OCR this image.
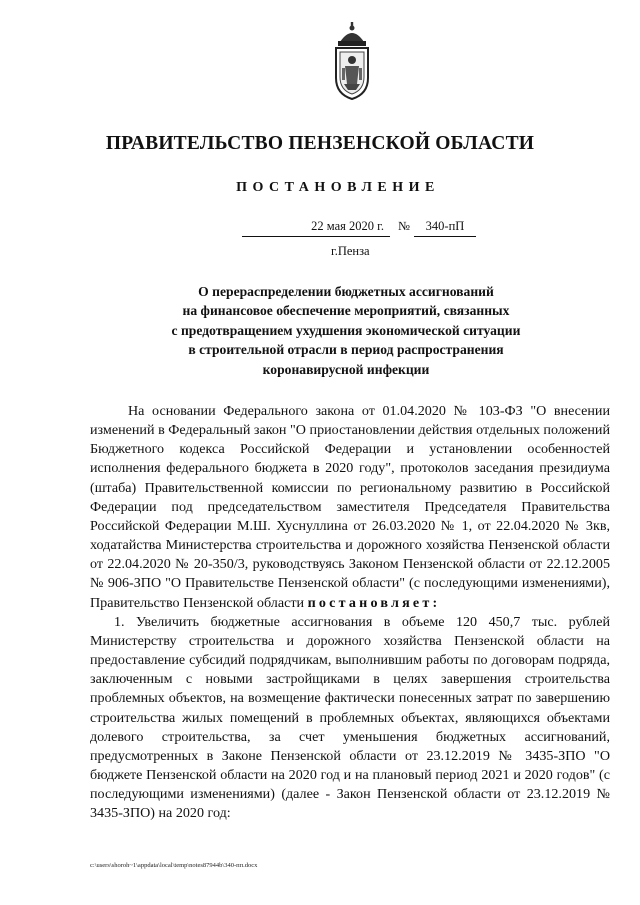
ПРАВИТЕЛЬСТВО ПЕНЗЕНСКОЙ ОБЛАСТИ
ПОСТАНОВЛЕНИЕ
22 мая 2020 г.	№	340-пП
г.Пенза
О перераспределении бюджетных ассигнований
на финансовое обеспечение мероприятий, связанных
с предотвращением ухудшения экономической ситуации
в строительной отрасли в период распространения
коронавирусной инфекции

На основании Федерального закона от 01.04.2020 № 103-ФЗ "О внесении изменений в Федеральный закон "О приостановлении действия отдельных положений Бюджетного кодекса Российской Федерации и установлении особенностей исполнения федерального бюджета в 2020 году", протоколов заседания президиума (штаба) Правительственной комиссии по региональному развитию в Российской Федерации под председательством заместителя Председателя Правительства Российской Федерации М.Ш. Хуснуллина от 26.03.2020 № 1, от 22.04.2020 № 3кв, ходатайства Министерства строительства и дорожного хозяйства Пензенской области от 22.04.2020 № 20-350/3, руководствуясь Законом Пензенской области от 22.12.2005 № 906-ЗПО "О Правительстве Пензенской области" (с последующими изменениями), Правительство Пензенской области постановляет:

1. Увеличить бюджетные ассигнования в объеме 120 450,7 тыс. рублей Министерству строительства и дорожного хозяйства Пензенской области на предоставление субсидий подрядчикам, выполнившим работы по договорам подряда, заключенным с новыми застройщиками в целях завершения строительства проблемных объектов, на возмещение фактически понесенных затрат по завершению строительства жилых помещений в проблемных объектах, являющихся объектами долевого строительства, за счет уменьшения бюджетных ассигнований, предусмотренных в Законе Пензенской области от 23.12.2019 № 3435-ЗПО "О бюджете Пензенской области на 2020 год и на плановый период 2021 и 2020 годов" (с последующими изменениями) (далее - Закон Пензенской области от 23.12.2019 № 3435-ЗПО) на 2020 год:

c:\users\shoroh~1\appdata\local\temp\notes87944b\340-пп.docx
